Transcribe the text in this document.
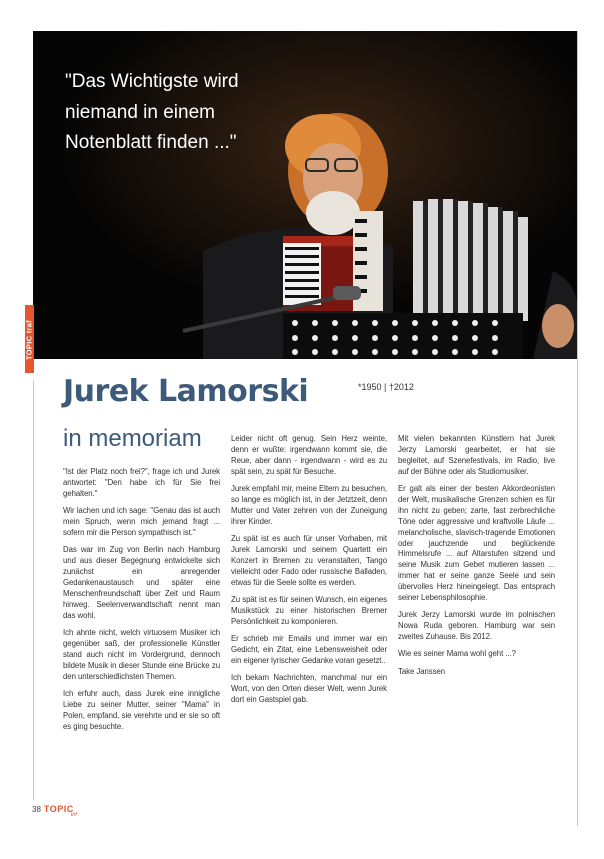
"Das Wichtigste wird niemand in einem Notenblatt finden ..."
TOPIC traf
Jurek Lamorski	*1950 | †2012
in memoriam

"Ist der Platz noch frei?", frage ich und Jurek antwortet: "Den habe ich für Sie frei gehalten."

Wir lachen und ich sage: "Genau das ist auch mein Spruch, wenn mich jemand fragt ... sofern mir die Person sympathisch ist."

Das war im Zug von Berlin nach Hamburg und aus dieser Begegnung entwickelte sich zunächst ein anregender Gedankenaustausch und später eine Menschenfreundschaft über Zeit und Raum hinweg. Seelenverwandtschaft nennt man das wohl.

Ich ahnte nicht, welch virtuosem Musiker ich gegenüber saß, der professionelle Künstler stand auch nicht im Vordergrund, dennoch bildete Musik in dieser Stunde eine Brücke zu den unterschiedlichsten Themen.

Ich erfuhr auch, dass Jurek eine innigliche Liebe zu seiner Mutter, seiner "Mama" in Polen, empfand, sie verehrte und er sie so oft es ging besuchte.

Leider nicht oft genug. Sein Herz weinte, denn er wußte: irgendwann kommt sie, die Reue, aber dann - irgendwann - wird es zu spät sein, zu spät für Besuche.

Jurek empfahl mir, meine Eltern zu besuchen, so lange es möglich ist, in der Jetztzeit, denn Mutter und Vater zehren von der Zuneigung ihrer Kinder.

Zu spät ist es auch für unser Vorhaben, mit Jurek Lamorski und seinem Quartett ein Konzert in Bremen zu veranstalten, Tango vielleicht oder Fado oder russische Balladen, etwas für die Seele sollte es werden.

Zu spät ist es für seinen Wunsch, ein eigenes Musikstück zu einer historischen Bremer Persönlichkeit zu komponieren.

Er schrieb mir Emails und immer war ein Gedicht, ein Zitat, eine Lebensweisheit oder ein eigener lyrischer Gedanke voran gesetzt..

Ich bekam Nachrichten, manchmal nur ein Wort, von den Orten dieser Welt, wenn Jurek dort ein Gastspiel gab.

Mit vielen bekannten Künstlern hat Jurek Jerzy Lamorski gearbeitet, er hat sie begleitet, auf Szenefestivals, im Radio, live auf der Bühne oder als Studiomusiker.

Er galt als einer der besten Akkordeonisten der Welt, musikalische Grenzen schien es für ihn nicht zu geben; zarte, fast zerbrechliche Töne oder aggressive und kraftvolle Läufe ... melancholische, slavisch-tragende Emotionen oder jauchzende und beglückende Himmelsrufe ... auf Altarstufen sitzend und seine Musik zum Gebet mutieren lassen ... immer hat er seine ganze Seele und sein übervolles Herz hineingelegt. Das entsprach seiner Lebensphilosophie.

Jurek Jerzy Lamorski wurde im polnischen Nowa Ruda geboren. Hamburg war sein zweites Zuhause. Bis 2012.

Wie es seiner Mama wohl geht ...?

Take Janssen

38 TOPIC
trif
